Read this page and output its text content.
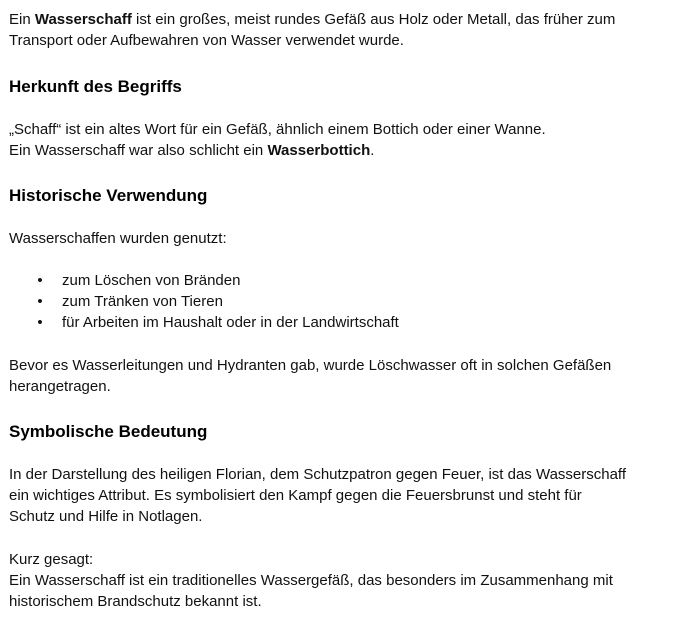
Ein Wasserschaff ist ein großes, meist rundes Gefäß aus Holz oder Metall, das früher zum
Transport oder Aufbewahren von Wasser verwendet wurde.
Herkunft des Begriffs
„Schaff“ ist ein altes Wort für ein Gefäß, ähnlich einem Bottich oder einer Wanne.
Ein Wasserschaff war also schlicht ein Wasserbottich.
Historische Verwendung
Wasserschaffen wurden genutzt:
• zum Löschen von Bränden
• zum Tränken von Tieren
• für Arbeiten im Haushalt oder in der Landwirtschaft
Bevor es Wasserleitungen und Hydranten gab, wurde Löschwasser oft in solchen Gefäßen
herangetragen.
Symbolische Bedeutung
In der Darstellung des heiligen Florian, dem Schutzpatron gegen Feuer, ist das Wasserschaff
ein wichtiges Attribut. Es symbolisiert den Kampf gegen die Feuersbrunst und steht für
Schutz und Hilfe in Notlagen.
Kurz gesagt:
Ein Wasserschaff ist ein traditionelles Wassergefäß, das besonders im Zusammenhang mit
historischem Brandschutz bekannt ist.
